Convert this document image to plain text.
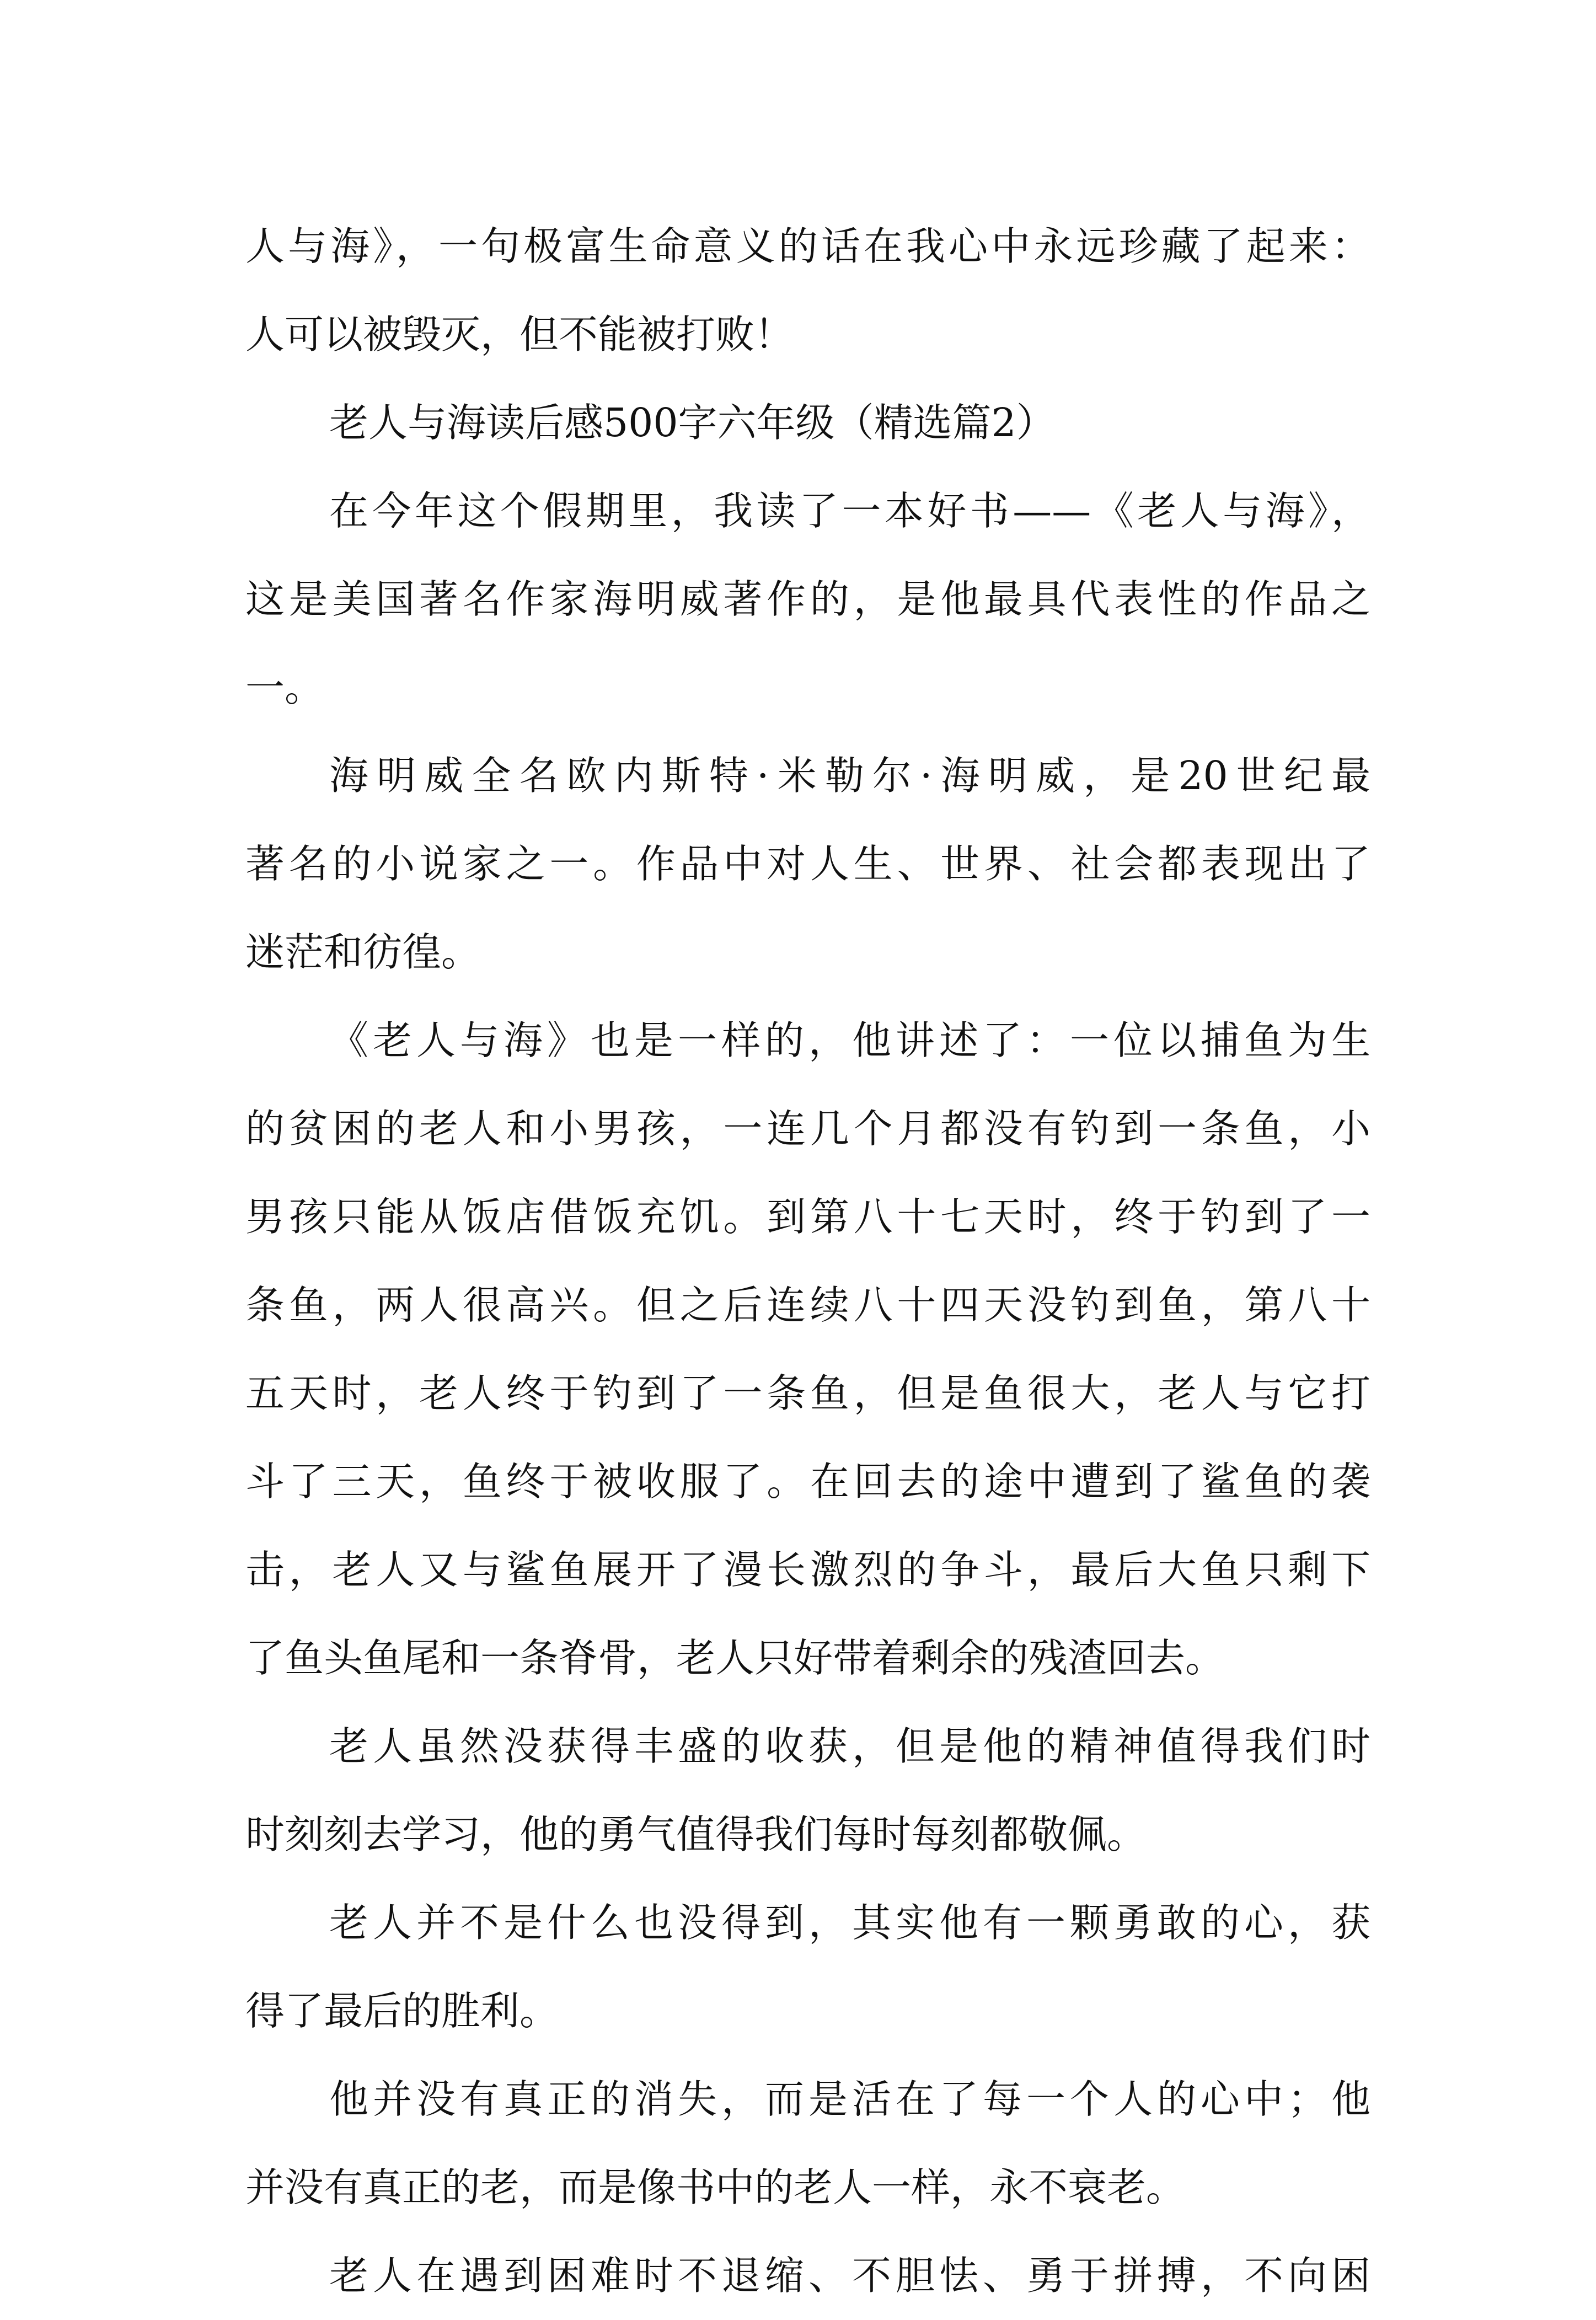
人与海》，一句极富生命意义的话在我心中永远珍藏了起来：
人可以被毁灭，但不能被打败！
老人与海读后感500字六年级（精选篇2）
在今年这个假期里，我读了一本好书——《老人与海》，
这是美国著名作家海明威著作的，是他最具代表性的作品之
一。
海明威全名欧内斯特·米勒尔·海明威，是20世纪最
著名的小说家之一。作品中对人生、世界、社会都表现出了
迷茫和彷徨。
《老人与海》也是一样的，他讲述了：一位以捕鱼为生
的贫困的老人和小男孩，一连几个月都没有钓到一条鱼，小
男孩只能从饭店借饭充饥。到第八十七天时，终于钓到了一
条鱼，两人很高兴。但之后连续八十四天没钓到鱼，第八十
五天时，老人终于钓到了一条鱼，但是鱼很大，老人与它打
斗了三天，鱼终于被收服了。在回去的途中遭到了鲨鱼的袭
击，老人又与鲨鱼展开了漫长激烈的争斗，最后大鱼只剩下
了鱼头鱼尾和一条脊骨，老人只好带着剩余的残渣回去。
老人虽然没获得丰盛的收获，但是他的精神值得我们时
时刻刻去学习，他的勇气值得我们每时每刻都敬佩。
老人并不是什么也没得到，其实他有一颗勇敢的心，获
得了最后的胜利。
他并没有真正的消失，而是活在了每一个人的心中；他
并没有真正的老，而是像书中的老人一样，永不衰老。
老人在遇到困难时不退缩、不胆怯、勇于拼搏，不向困
